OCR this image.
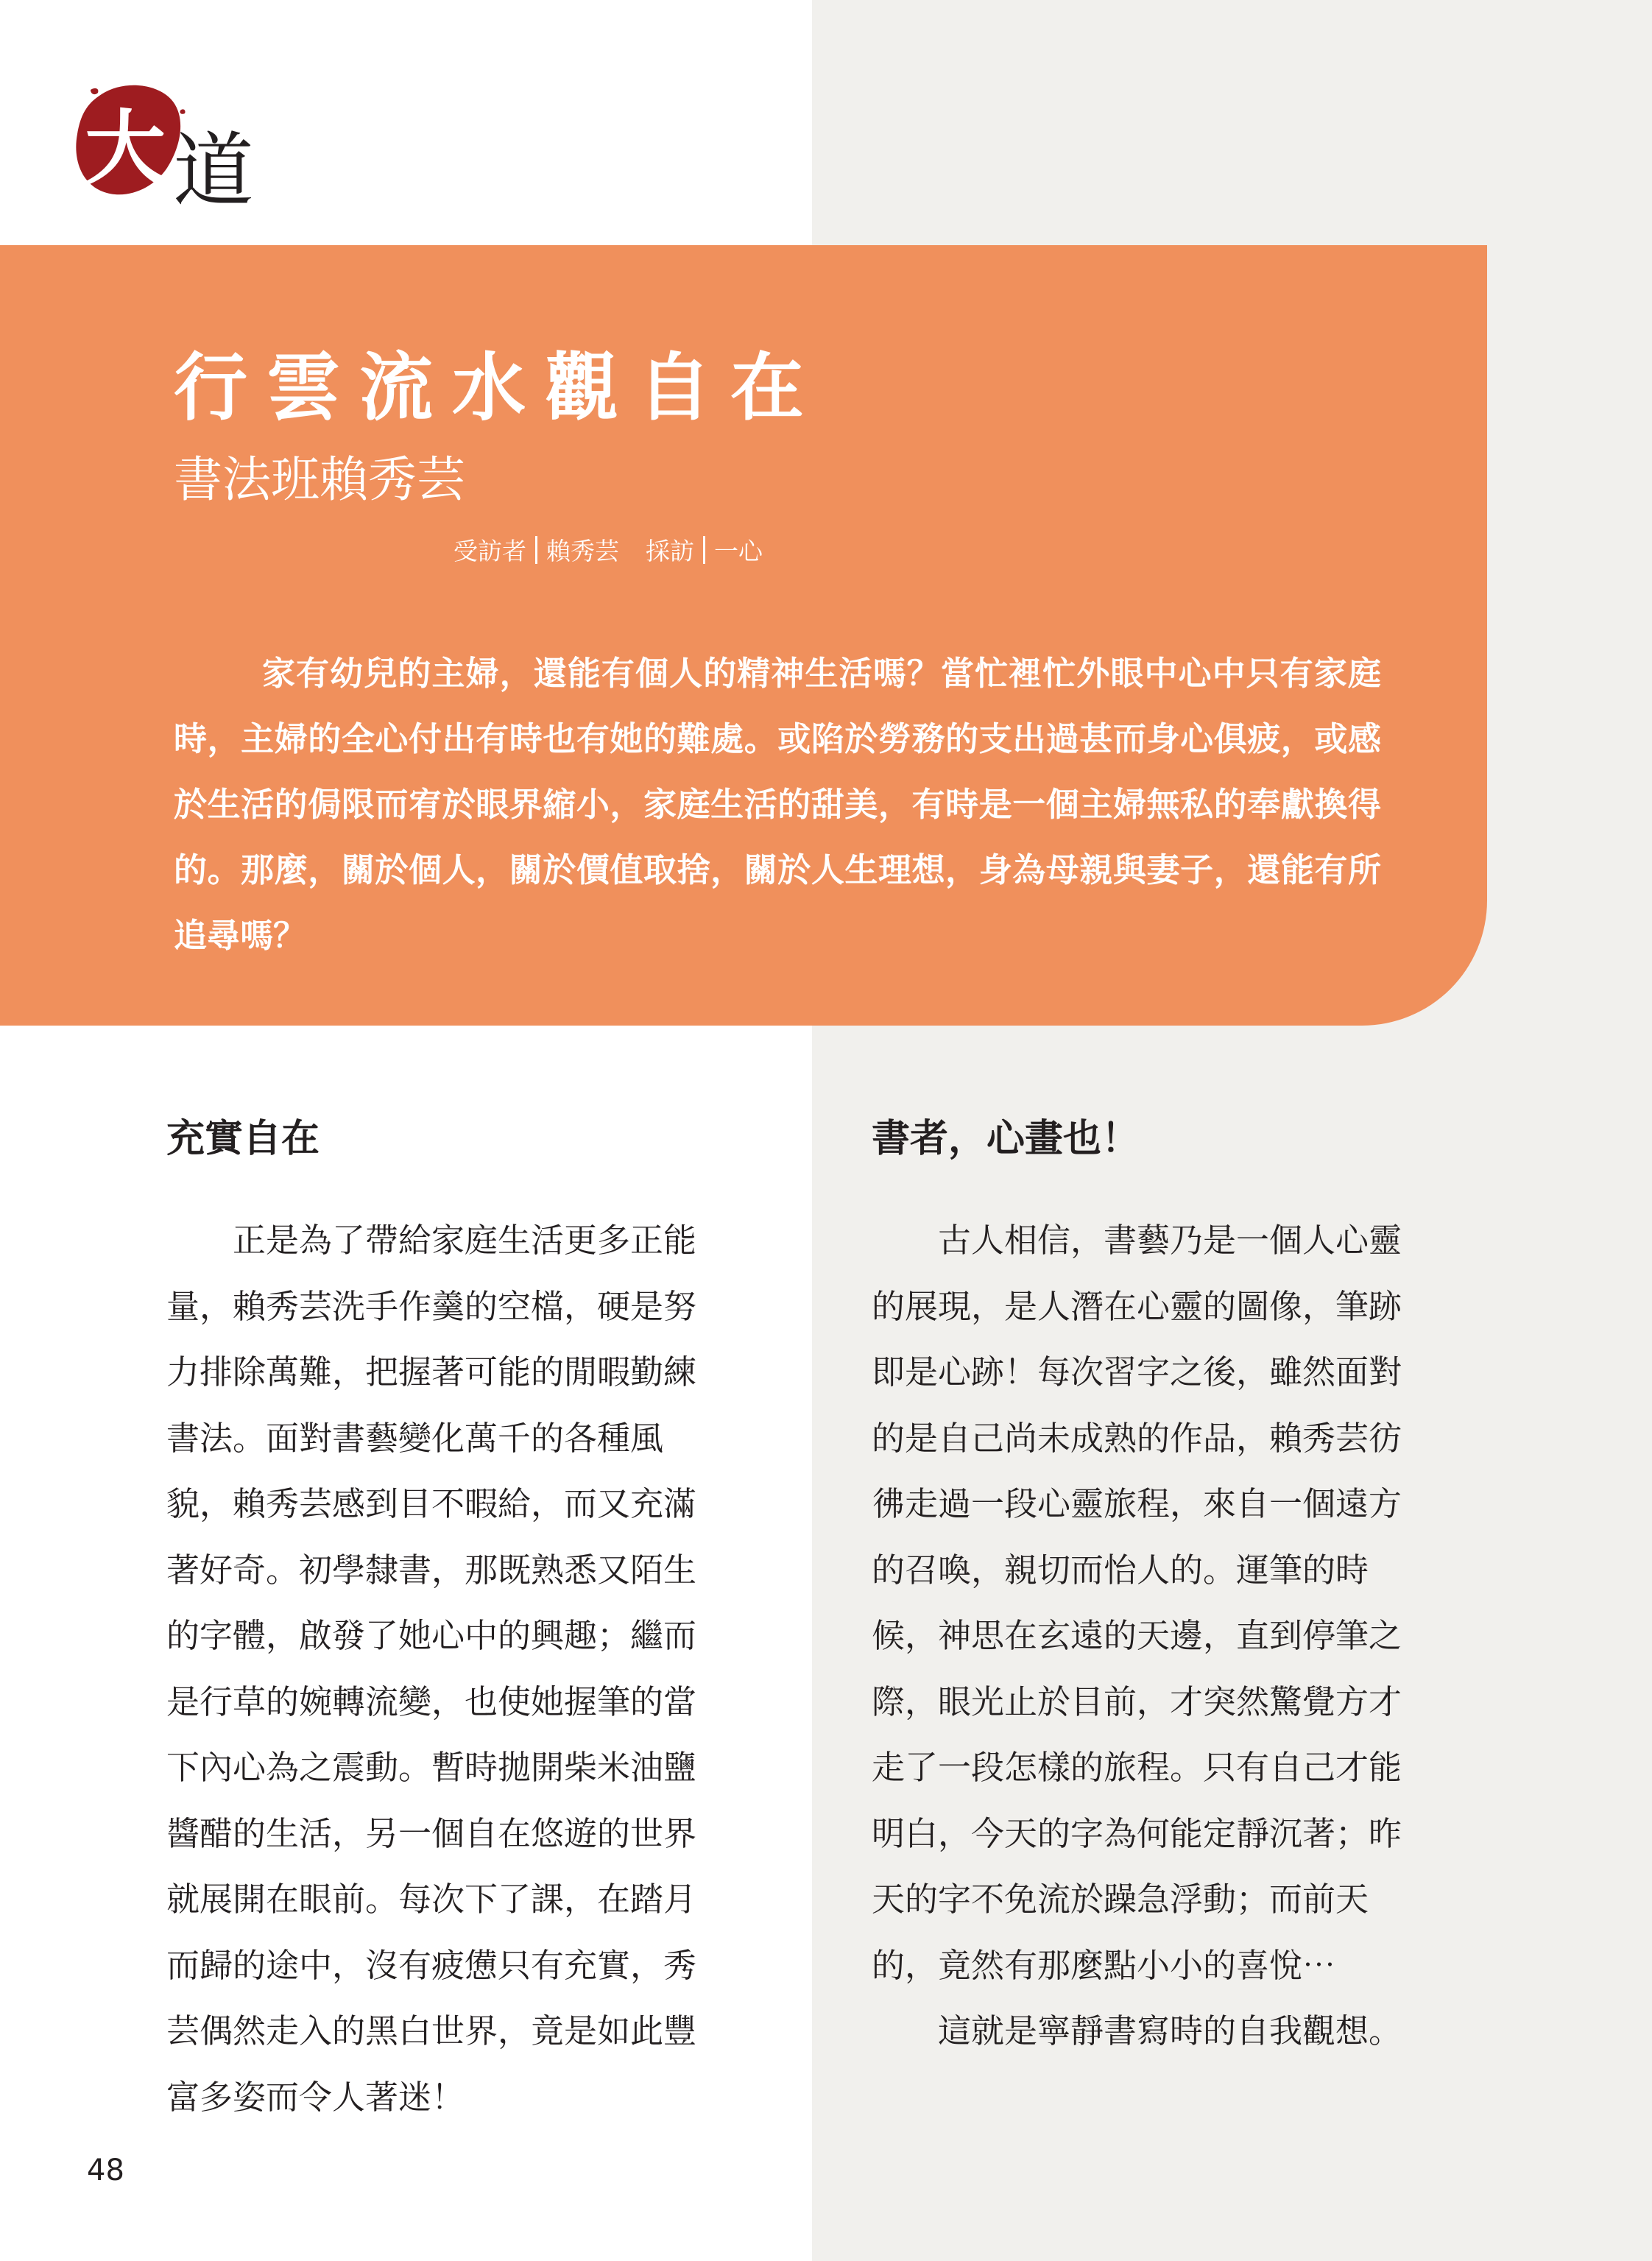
大 道
行雲流水觀自在
書法班賴秀芸
受訪者 賴秀芸 採訪 一心

家有幼兒的主婦，還能有個人的精神生活嗎？當忙裡忙外眼中心中只有家庭時，主婦的全心付出有時也有她的難處。或陷於勞務的支出過甚而身心俱疲，或感於生活的侷限而宥於眼界縮小，家庭生活的甜美，有時是一個主婦無私的奉獻換得的。那麼，關於個人，關於價值取捨，關於人生理想，身為母親與妻子，還能有所追尋嗎？

充實自在
　　正是為了帶給家庭生活更多正能
量，賴秀芸洗手作羹的空檔，硬是努
力排除萬難，把握著可能的閒暇勤練
書法。面對書藝變化萬千的各種風
貌，賴秀芸感到目不暇給，而又充滿
著好奇。初學隸書，那既熟悉又陌生
的字體，啟發了她心中的興趣；繼而
是行草的婉轉流變，也使她握筆的當
下內心為之震動。暫時拋開柴米油鹽
醬醋的生活，另一個自在悠遊的世界
就展開在眼前。每次下了課，在踏月
而歸的途中，沒有疲憊只有充實，秀
芸偶然走入的黑白世界，竟是如此豐
富多姿而令人著迷！
書者，心畫也！
　　古人相信，書藝乃是一個人心靈
的展現，是人潛在心靈的圖像，筆跡
即是心跡！每次習字之後，雖然面對
的是自己尚未成熟的作品，賴秀芸彷
彿走過一段心靈旅程，來自一個遠方
的召喚，親切而怡人的。運筆的時
候，神思在玄遠的天邊，直到停筆之
際，眼光止於目前，才突然驚覺方才
走了一段怎樣的旅程。只有自己才能
明白，今天的字為何能定靜沉著；昨
天的字不免流於躁急浮動；而前天
的，竟然有那麼點小小的喜悅⋯
　　這就是寧靜書寫時的自我觀想。
48
